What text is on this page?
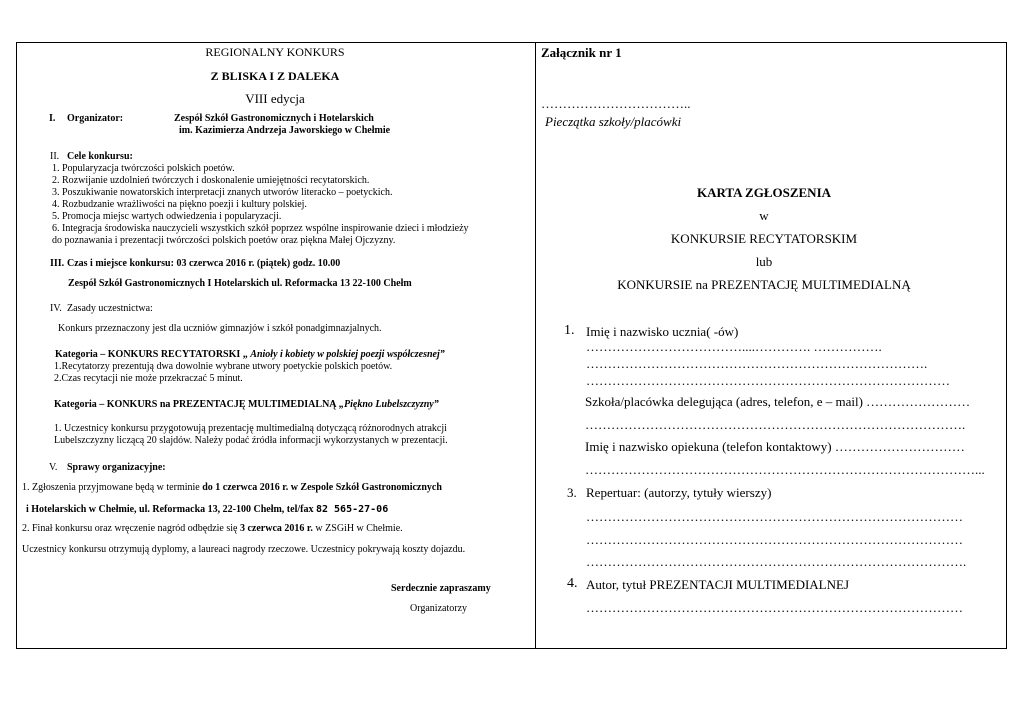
REGIONALNY KONKURS
Z BLISKA I Z DALEKA
VIII edycja
I. Organizator:	Zespół Szkół Gastronomicznych i Hotelarskich
im. Kazimierza Andrzeja Jaworskiego w Chełmie
II. Cele konkursu:
1. Popularyzacja twórczości polskich poetów.
2. Rozwijanie uzdolnień twórczych i doskonalenie umiejętności recytatorskich.
3. Poszukiwanie nowatorskich interpretacji znanych utworów literacko – poetyckich.
4. Rozbudzanie wrażliwości na piękno poezji i kultury polskiej.
5. Promocja miejsc wartych odwiedzenia i popularyzacji.
6. Integracja środowiska nauczycieli wszystkich szkół poprzez wspólne inspirowanie dzieci i młodzieży
do poznawania i prezentacji twórczości polskich poetów oraz piękna Małej Ojczyzny.
III. Czas i miejsce konkursu: 03 czerwca 2016 r. (piątek) godz. 10.00
Zespół Szkół Gastronomicznych I Hotelarskich ul. Reformacka 13 22-100 Chełm
IV. Zasady uczestnictwa:
Konkurs przeznaczony jest dla uczniów gimnazjów i szkół ponadgimnazjalnych.
Kategoria – KONKURS RECYTATORSKI „ Anioły i kobiety w polskiej poezji współczesnej”
1.Recytatorzy prezentują dwa dowolnie wybrane utwory poetyckie polskich poetów.
2.Czas recytacji nie może przekraczać 5 minut.
Kategoria – KONKURS na PREZENTACJĘ MULTIMEDIALNĄ „Piękno Lubelszczyzny”
1. Uczestnicy konkursu przygotowują prezentację multimedialną dotyczącą różnorodnych atrakcji
Lubelszczyzny liczącą 20 slajdów. Należy podać źródła informacji wykorzystanych w prezentacji.
V. Sprawy organizacyjne:
1. Zgłoszenia przyjmowane będą w terminie do 1 czerwca 2016 r. w Zespole Szkół Gastronomicznych
i Hotelarskich w Chełmie, ul. Reformacka 13, 22-100 Chełm, tel/fax 82 565-27-06
2. Finał konkursu oraz wręczenie nagród odbędzie się 3 czerwca 2016 r. w ZSGiH w Chełmie.
Uczestnicy konkursu otrzymują dyplomy, a laureaci nagrody rzeczowe. Uczestnicy pokrywają koszty dojazdu.
Serdecznie zapraszamy
Organizatorzy
Załącznik nr 1
……………………………..
Pieczątka szkoły/placówki
KARTA ZGŁOSZENIA
w
KONKURSIE RECYTATORSKIM
lub
KONKURSIE na PREZENTACJĘ MULTIMEDIALNĄ
1. Imię i nazwisko ucznia( -ów)
………………………………....…………. …………….
…………………………………………………………………….
…………………………………………………………………………
Szkoła/placówka delegująca (adres, telefon, e – mail) ……………………
…………………………………………………………………………….
Imię i nazwisko opiekuna (telefon kontaktowy) …………………………
………………………………………………………………………………...
3. Repertuar: (autorzy, tytuły wierszy)
……………………………………………………………………………
……………………………………………………………………………
…………………………………………………………………………….
4. Autor, tytuł PREZENTACJI MULTIMEDIALNEJ
……………………………………………………………………………
